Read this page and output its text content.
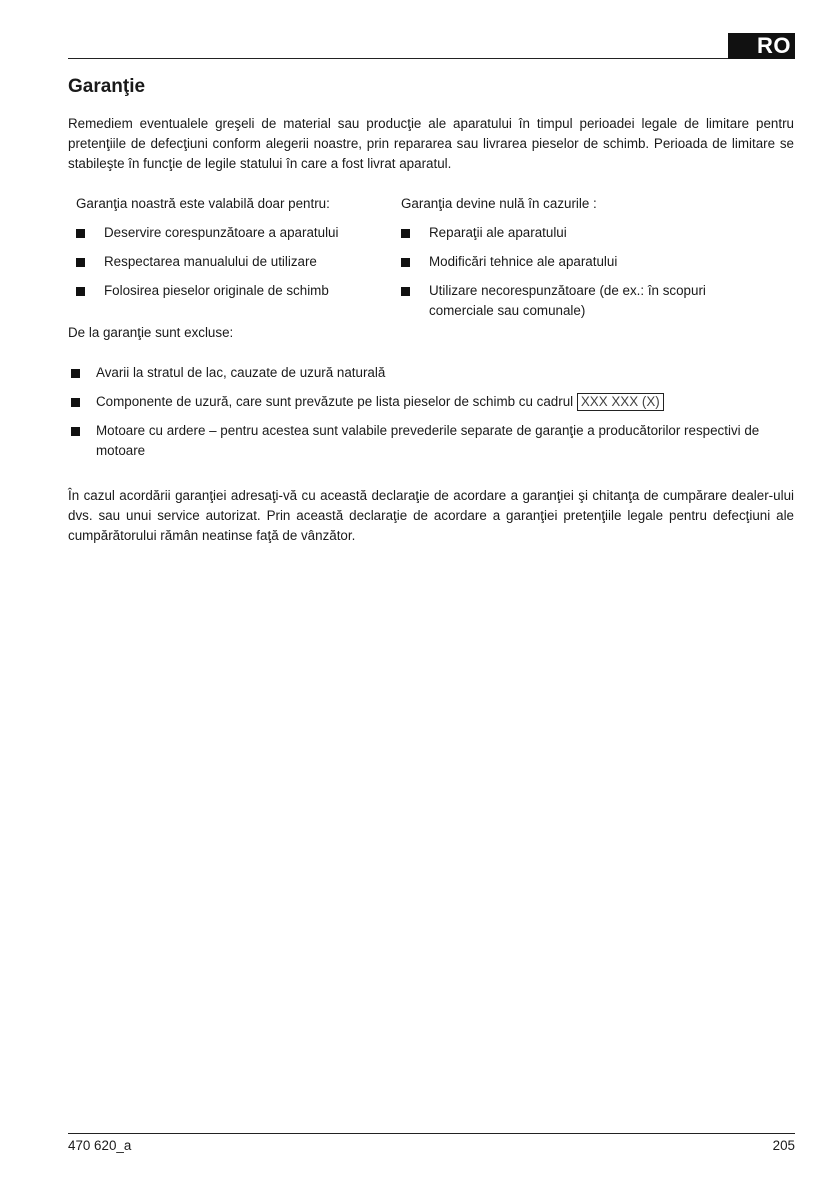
RO
Garanţie

Remediem eventualele greşeli de material sau producţie ale aparatului în timpul perioadei legale de limitare pentru pretenţiile de defecţiuni conform alegerii noastre, prin repararea sau livrarea pieselor de schimb. Perioada de limitare se stabileşte în funcţie de legile statului în care a fost livrat aparatul.

Garanţia noastră este valabilă doar pentru:

Deservire corespunzătoare a aparatului
Respectarea manualului de utilizare
Folosirea pieselor originale de schimb

Garanţia devine nulă în cazurile :

Reparaţii ale aparatului
Modificări tehnice ale aparatului
Utilizare necorespunzătoare (de ex.: în scopuri comerciale sau comunale)

De la garanţie sunt excluse:

Avarii la stratul de lac, cauzate de uzură naturală
Componente de uzură, care sunt prevăzute pe lista pieselor de schimb cu cadrul XXX XXX (X)
Motoare cu ardere – pentru acestea sunt valabile prevederile separate de garanţie a producătorilor respectivi de motoare

În cazul acordării garanţiei adresaţi-vă cu această declaraţie de acordare a garanţiei şi chitanţa de cumpărare dealer-ului dvs. sau unui service autorizat. Prin această declaraţie de acordare a garanţiei pretenţiile legale pentru defecţiuni ale cumpărătorului rămân neatinse faţă de vânzător.

470 620_a	205
